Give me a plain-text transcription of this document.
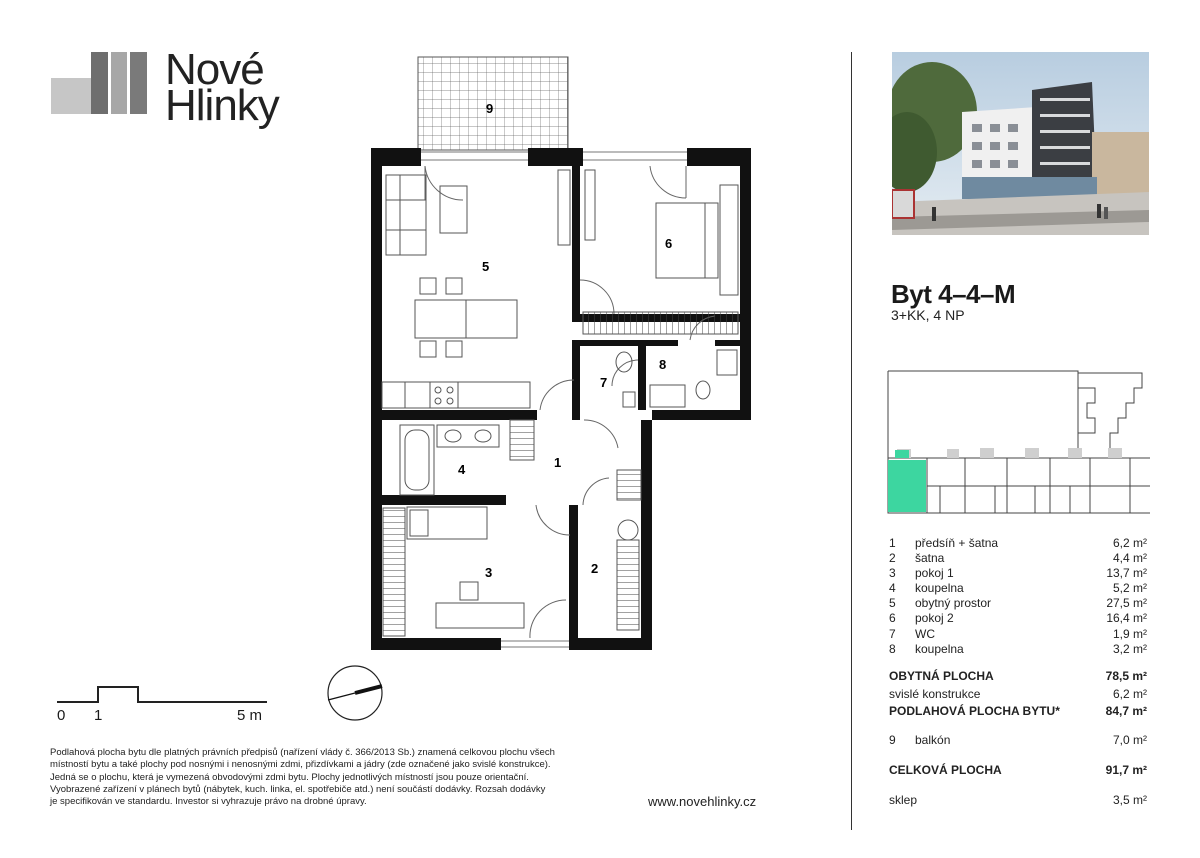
Nové
Hlinky	9
5
6
7
8
4	1
3	2
0 1	5 m
Podlahová plocha bytu dle platných právních předpisů (nařízení vlády č. 366/2013 Sb.) znamená celkovou plochu všech
místností bytu a také plochy pod nosnými i nenosnými zdmi, přizdívkami a jádry (zde označené jako svislé konstrukce).
Jedná se o plochu, která je vymezená obvodovými zdmi bytu. Plochy jednotlivých místností jsou pouze orientační.
Vyobrazené zařízení v plánech bytů (nábytek, kuch. linka, el. spotřebiče atd.) není součástí dodávky. Rozsah dodávky
je specifikován ve standardu. Investor si vyhrazuje právo na drobné úpravy.	www.novehlinky.cz
Byt 4–4–M
3+KK, 4 NP
1 předsíň + šatna	6,2 m²
2 šatna	4,4 m²
3 pokoj 1	13,7 m²
4 koupelna	5,2 m²
5 obytný prostor	27,5 m²
6 pokoj 2	16,4 m²
7 WC	1,9 m²
8 koupelna	3,2 m²
OBYTNÁ PLOCHA	78,5 m²
svislé konstrukce	6,2 m²
PODLAHOVÁ PLOCHA BYTU*	84,7 m²
9 balkón	7,0 m²
CELKOVÁ PLOCHA	91,7 m²
sklep	3,5 m²
